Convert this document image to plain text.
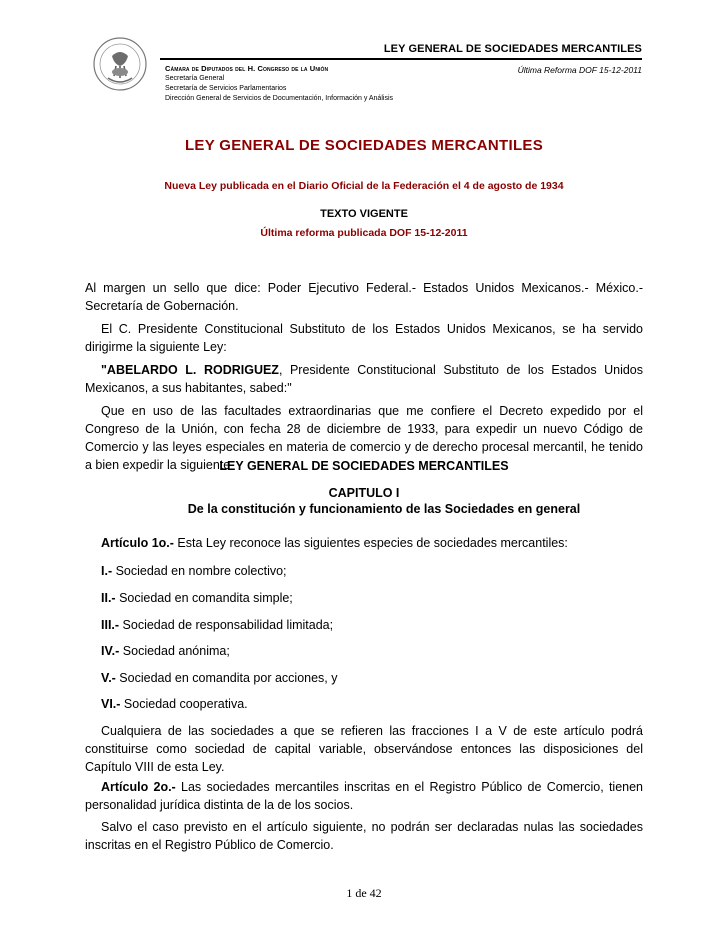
LEY GENERAL DE SOCIEDADES MERCANTILES
Cámara de Diputados del H. Congreso de la Unión	Última Reforma DOF 15-12-2011
Secretaría General
Secretaría de Servicios Parlamentarios
Dirección General de Servicios de Documentación, Información y Análisis
LEY GENERAL DE SOCIEDADES MERCANTILES
Nueva Ley publicada en el Diario Oficial de la Federación el 4 de agosto de 1934
TEXTO VIGENTE
Última reforma publicada DOF 15-12-2011
Al margen un sello que dice: Poder Ejecutivo Federal.- Estados Unidos Mexicanos.- México.- Secretaría de Gobernación.
El C. Presidente Constitucional Substituto de los Estados Unidos Mexicanos, se ha servido dirigirme la siguiente Ley:
"ABELARDO L. RODRIGUEZ, Presidente Constitucional Substituto de los Estados Unidos Mexicanos, a sus habitantes, sabed:"
Que en uso de las facultades extraordinarias que me confiere el Decreto expedido por el Congreso de la Unión, con fecha 28 de diciembre de 1933, para expedir un nuevo Código de Comercio y las leyes especiales en materia de comercio y de derecho procesal mercantil, he tenido a bien expedir la siguiente
LEY GENERAL DE SOCIEDADES MERCANTILES
CAPITULO I
De la constitución y funcionamiento de las Sociedades en general
Artículo 1o.- Esta Ley reconoce las siguientes especies de sociedades mercantiles:
I.- Sociedad en nombre colectivo;
II.- Sociedad en comandita simple;
III.- Sociedad de responsabilidad limitada;
IV.- Sociedad anónima;
V.- Sociedad en comandita por acciones, y
VI.- Sociedad cooperativa.
Cualquiera de las sociedades a que se refieren las fracciones I a V de este artículo podrá constituirse como sociedad de capital variable, observándose entonces las disposiciones del Capítulo VIII de esta Ley.
Artículo 2o.- Las sociedades mercantiles inscritas en el Registro Público de Comercio, tienen personalidad jurídica distinta de la de los socios.
Salvo el caso previsto en el artículo siguiente, no podrán ser declaradas nulas las sociedades inscritas en el Registro Público de Comercio.
1 de 42
